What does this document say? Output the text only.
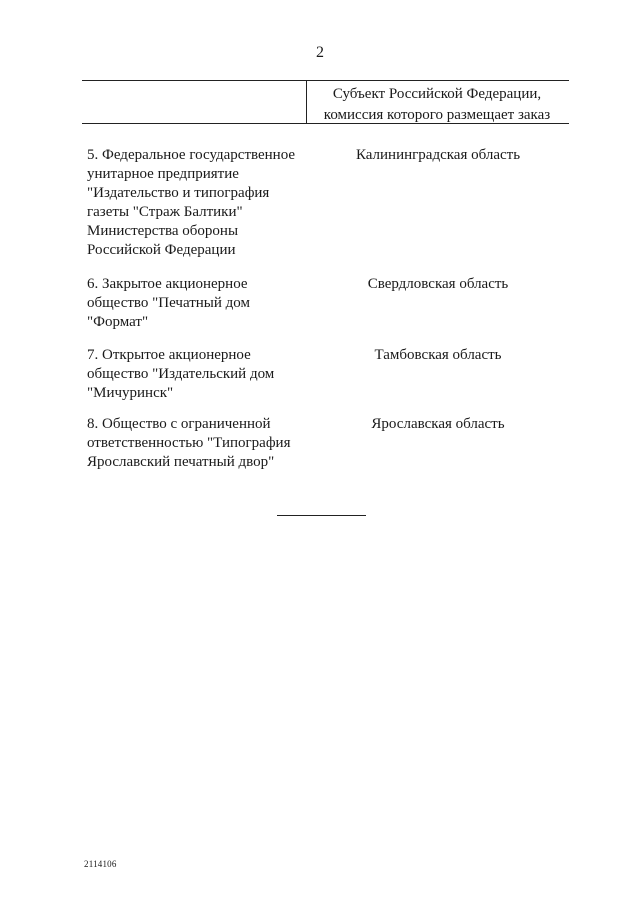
2
Субъект Российской Федерации,
комиссия которого размещает заказ
5. Федеральное государственное
унитарное предприятие
"Издательство и типография
газеты "Страж Балтики"
Министерства обороны
Российской Федерации
Калининградская область
6. Закрытое акционерное
общество "Печатный дом
"Формат"
Свердловская область
7. Открытое акционерное
общество "Издательский дом
"Мичуринск"
Тамбовская область
8. Общество с ограниченной
ответственностью "Типография
Ярославский печатный двор"
Ярославская область
2114106
